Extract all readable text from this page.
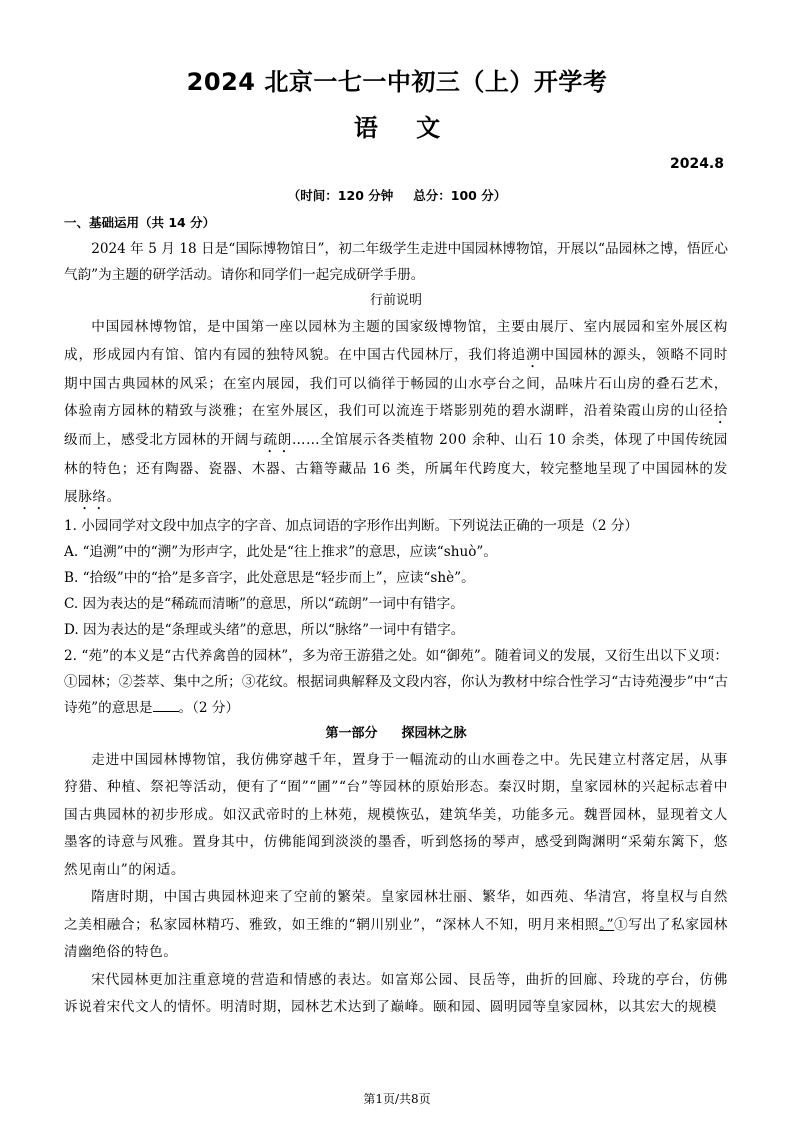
2024 北京一七一中初三（上）开学考
语 文
2024.8
（时间：120 分钟 总分：100 分）

一、基础运用（共 14 分）

2024 年 5 月 18 日是“国际博物馆日”，初二年级学生走进中国园林博物馆，开展以“品园林之博，悟匠心气韵”为主题的研学活动。请你和同学们一起完成研学手册。

行前说明

中国园林博物馆，是中国第一座以园林为主题的国家级博物馆，主要由展厅、室内展园和室外展区构成，形成园内有馆、馆内有园的独特风貌。在中国古代园林厅，我们将追溯中国园林的源头，领略不同时期中国古典园林的风采；在室内展园，我们可以徜徉于畅园的山水亭台之间，品味片石山房的叠石艺术，体验南方园林的精致与淡雅；在室外展区，我们可以流连于塔影别苑的碧水湖畔，沿着染霞山房的山径拾级而上，感受北方园林的开阔与疏朗……全馆展示各类植物 200 余种、山石 10 余类，体现了中国传统园林的特色；还有陶器、瓷器、木器、古籍等藏品 16 类，所属年代跨度大，较完整地呈现了中国园林的发展脉络。

1. 小园同学对文段中加点字的字音、加点词语的字形作出判断。下列说法正确的一项是（2 分）

A. “追溯”中的“溯”为形声字，此处是“往上推求”的意思，应读“shuò”。

B. “拾级”中的“拾”是多音字，此处意思是“轻步而上”，应读“shè”。

C. 因为表达的是“稀疏而清晰”的意思，所以“疏朗”一词中有错字。

D. 因为表达的是“条理或头绪”的意思，所以“脉络”一词中有错字。

2. “苑”的本义是“古代养禽兽的园林”，多为帝王游猎之处。如“御苑”。随着词义的发展，又衍生出以下义项：①园林；②荟萃、集中之所；③花纹。根据词典解释及文段内容，你认为教材中综合性学习“古诗苑漫步”中“古诗苑”的意思是 。（2 分）

第一部分 探园林之脉

走进中国园林博物馆，我仿佛穿越千年，置身于一幅流动的山水画卷之中。先民建立村落定居，从事狩猎、种植、祭祀等活动，便有了“囿”“圃”“台”等园林的原始形态。秦汉时期，皇家园林的兴起标志着中国古典园林的初步形成。如汉武帝时的上林苑，规模恢弘，建筑华美，功能多元。魏晋园林，显现着文人墨客的诗意与风雅。置身其中，仿佛能闻到淡淡的墨香，听到悠扬的琴声，感受到陶渊明“采菊东篱下，悠然见南山”的闲适。

隋唐时期，中国古典园林迎来了空前的繁荣。皇家园林壮丽、繁华，如西苑、华清宫，将皇权与自然之美相融合；私家园林精巧、雅致，如王维的“辋川别业”，“深林人不知，明月来相照。”①写出了私家园林清幽绝俗的特色。

宋代园林更加注重意境的营造和情感的表达。如富郑公园、艮岳等，曲折的回廊、玲珑的亭台，仿佛诉说着宋代文人的情怀。明清时期，园林艺术达到了巅峰。颐和园、圆明园等皇家园林，以其宏大的规模

第1页/共8页
